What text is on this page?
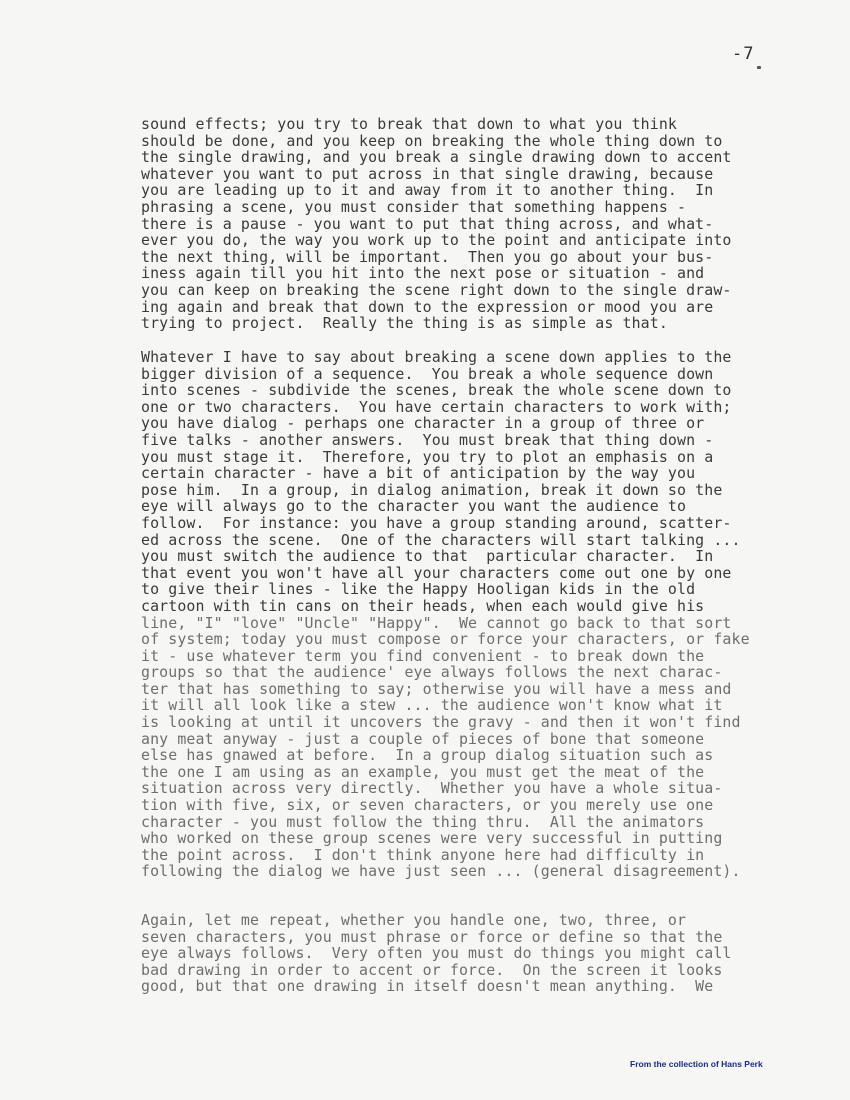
-7
sound effects; you try to break that down to what you think
should be done, and you keep on breaking the whole thing down to
the single drawing, and you break a single drawing down to accent
whatever you want to put across in that single drawing, because
you are leading up to it and away from it to another thing.  In
phrasing a scene, you must consider that something happens -
there is a pause - you want to put that thing across, and what-
ever you do, the way you work up to the point and anticipate into
the next thing, will be important.  Then you go about your bus-
iness again till you hit into the next pose or situation - and
you can keep on breaking the scene right down to the single draw-
ing again and break that down to the expression or mood you are
trying to project.  Really the thing is as simple as that.
Whatever I have to say about breaking a scene down applies to the
bigger division of a sequence.  You break a whole sequence down
into scenes - subdivide the scenes, break the whole scene down to
one or two characters.  You have certain characters to work with;
you have dialog - perhaps one character in a group of three or
five talks - another answers.  You must break that thing down -
you must stage it.  Therefore, you try to plot an emphasis on a
certain character - have a bit of anticipation by the way you
pose him.  In a group, in dialog animation, break it down so the
eye will always go to the character you want the audience to
follow.  For instance: you have a group standing around, scatter-
ed across the scene.  One of the characters will start talking ...
you must switch the audience to that  particular character.  In
that event you won't have all your characters come out one by one
to give their lines - like the Happy Hooligan kids in the old
cartoon with tin cans on their heads, when each would give his
line, "I" "love" "Uncle" "Happy".  We cannot go back to that sort
of system; today you must compose or force your characters, or fake
it - use whatever term you find convenient - to break down the
groups so that the audience' eye always follows the next charac-
ter that has something to say; otherwise you will have a mess and
it will all look like a stew ... the audience won't know what it
is looking at until it uncovers the gravy - and then it won't find
any meat anyway - just a couple of pieces of bone that someone
else has gnawed at before.  In a group dialog situation such as
the one I am using as an example, you must get the meat of the
situation across very directly.  Whether you have a whole situa-
tion with five, six, or seven characters, or you merely use one
character - you must follow the thing thru.  All the animators
who worked on these group scenes were very successful in putting
the point across.  I don't think anyone here had difficulty in
following the dialog we have just seen ... (general disagreement).
Again, let me repeat, whether you handle one, two, three, or
seven characters, you must phrase or force or define so that the
eye always follows.  Very often you must do things you might call
bad drawing in order to accent or force.  On the screen it looks
good, but that one drawing in itself doesn't mean anything.  We
From the collection of Hans Perk
